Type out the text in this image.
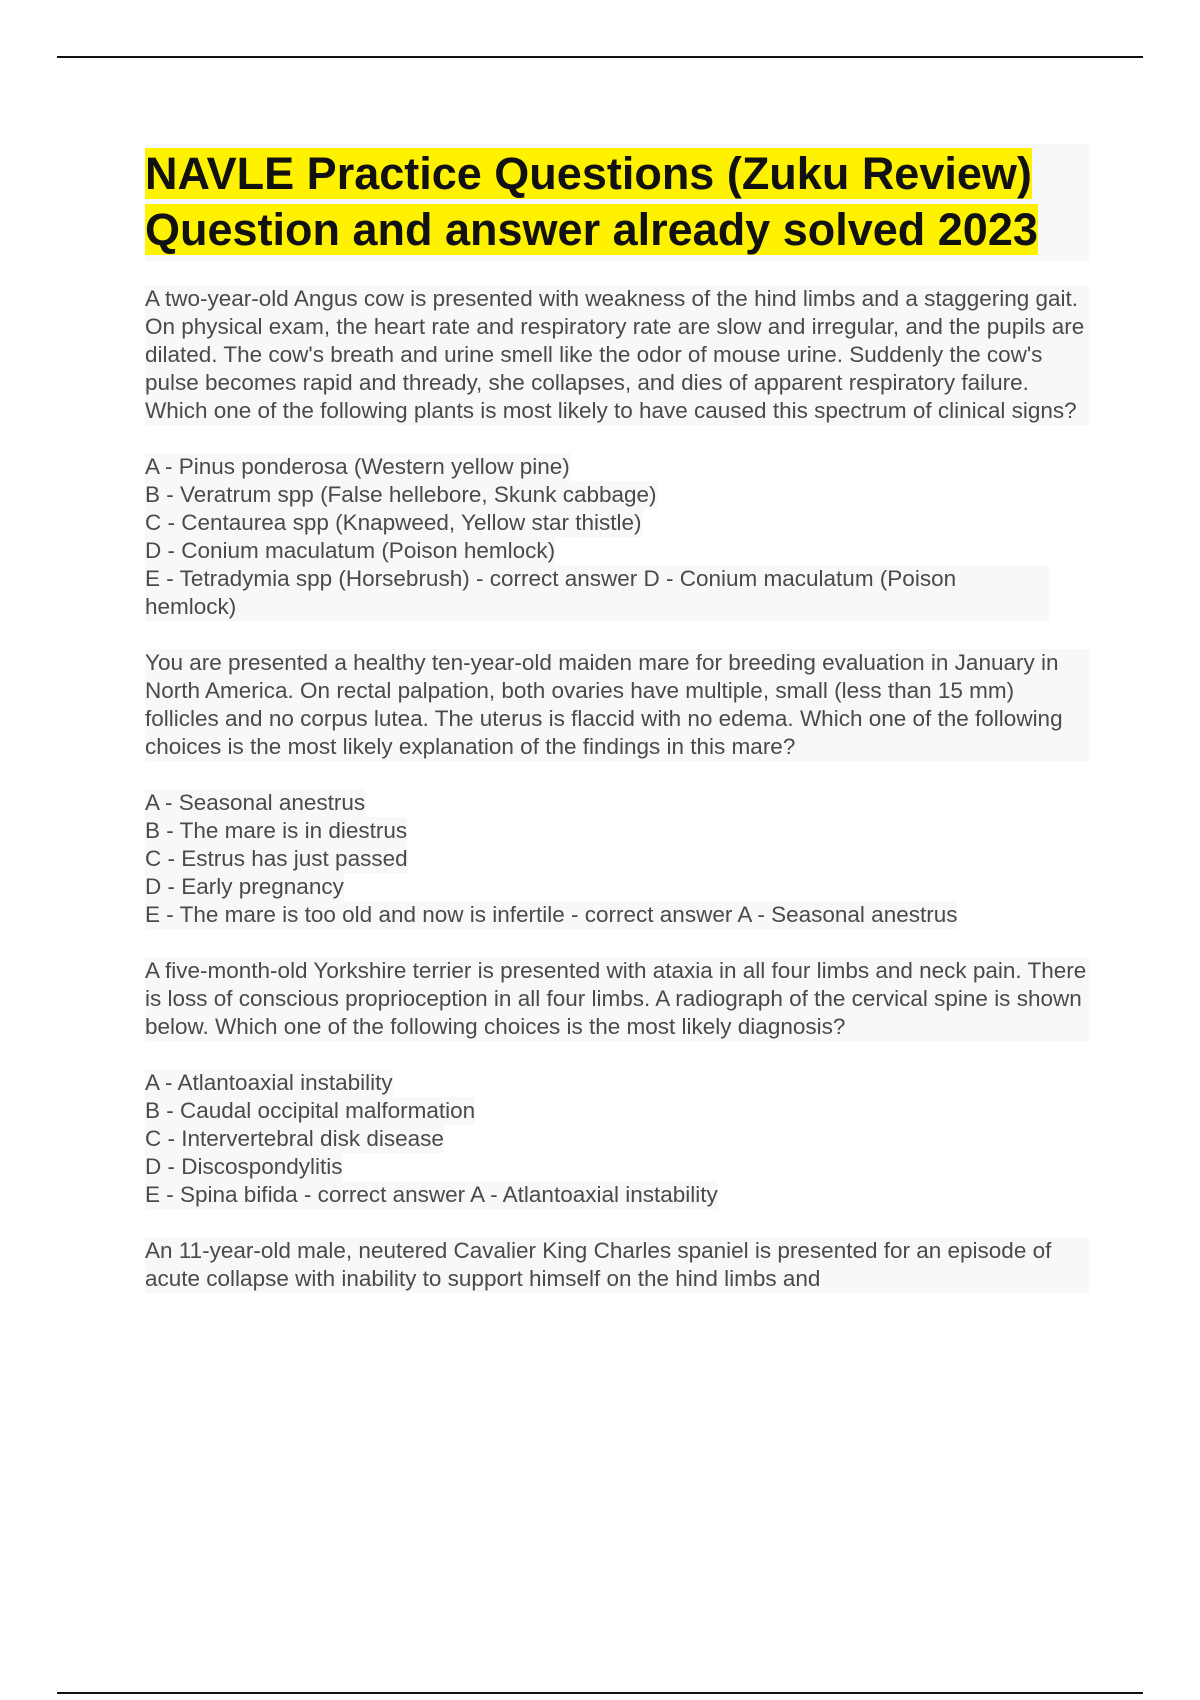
NAVLE Practice Questions (Zuku Review) Question and answer already solved 2023
A two-year-old Angus cow is presented with weakness of the hind limbs and a staggering gait. On physical exam, the heart rate and respiratory rate are slow and irregular, and the pupils are dilated. The cow's breath and urine smell like the odor of mouse urine. Suddenly the cow's pulse becomes rapid and thready, she collapses, and dies of apparent respiratory failure. Which one of the following plants is most likely to have caused this spectrum of clinical signs?
A - Pinus ponderosa (Western yellow pine)
B - Veratrum spp (False hellebore, Skunk cabbage)
C - Centaurea spp (Knapweed, Yellow star thistle)
D - Conium maculatum (Poison hemlock)
E - Tetradymia spp (Horsebrush) - correct answer D - Conium maculatum (Poison hemlock)
You are presented a healthy ten-year-old maiden mare for breeding evaluation in January in North America. On rectal palpation, both ovaries have multiple, small (less than 15 mm) follicles and no corpus lutea. The uterus is flaccid with no edema. Which one of the following choices is the most likely explanation of the findings in this mare?
A - Seasonal anestrus
B - The mare is in diestrus
C - Estrus has just passed
D - Early pregnancy
E - The mare is too old and now is infertile - correct answer A - Seasonal anestrus
A five-month-old Yorkshire terrier is presented with ataxia in all four limbs and neck pain. There is loss of conscious proprioception in all four limbs. A radiograph of the cervical spine is shown below. Which one of the following choices is the most likely diagnosis?
A - Atlantoaxial instability
B - Caudal occipital malformation
C - Intervertebral disk disease
D - Discospondylitis
E - Spina bifida - correct answer A - Atlantoaxial instability
An 11-year-old male, neutered Cavalier King Charles spaniel is presented for an episode of acute collapse with inability to support himself on the hind limbs and
